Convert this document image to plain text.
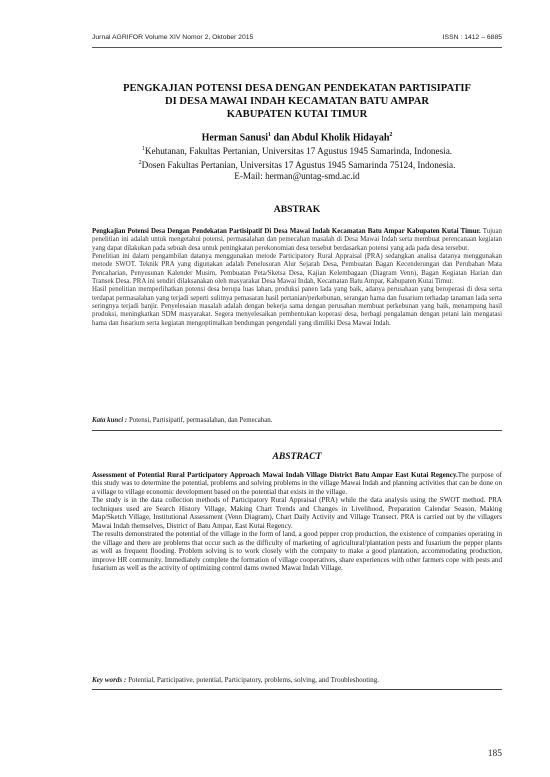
Jurnal AGRIFOR Volume XIV Nomor 2, Oktober 2015	ISSN : 1412 – 6885
PENGKAJIAN POTENSI DESA DENGAN PENDEKATAN PARTISIPATIF
DI DESA MAWAI INDAH KECAMATAN BATU AMPAR
KABUPATEN KUTAI TIMUR
Herman Sanusi$^1$ dan Abdul Kholik Hidayah$^2$
$^1$Kehutanan, Fakultas Pertanian, Universitas 17 Agustus 1945 Samarinda, Indonesia.
$^2$Dosen Fakultas Pertanian, Universitas 17 Agustus 1945 Samarinda 75124, Indonesia.
E-Mail: herman@untag-smd.ac.id
ABSTRAK

Pengkajian Potensi Desa Dengan Pendekatan Partisipatif Di Desa Mawai Indah Kecamatan Batu Ampar Kabupaten Kutai Timur. Tujuan penelitian ini adalah untuk mengetahui potensi, permasalahan dan pemecahan masalah di Desa Mawai Indah serta membuat perencanaan kegiatan yang dapat dilakukan pada sebuah desa untuk peningkatan perekonomian desa tersebut berdasarkan potensi yang ada pada desa tersebut.

Penelitian ini dalam pengambilan datanya menggunakan metode Participatory Rural Appraisal (PRA) sedangkan analisa datanya menggunakan metode SWOT. Teknik PRA yang digunakan adalah Penelusuran Alur Sejarah Desa, Pembuatan Bagan Kecenderungan dan Perubahan Mata Pencaharian, Penyusunan Kalender Musim, Pembuatan Peta/Sketsa Desa, Kajian Kelembagaan (Diagram Venn), Bagan Kegiatan Harian dan Transek Desa. PRA ini sendiri dilaksanakan oleh masyarakat Desa Mawai Indah, Kecamatan Batu Ampar, Kabupaten Kutai Timur.

Hasil penelitian memperlihatkan potensi desa berupa luas lahan, produksi panen lada yang baik, adanya perusahaan yang beroperasi di desa serta terdapat permasalahan yang terjadi seperti sulitnya pemasaran hasil pertanian/perkebunan, serangan hama dan fusarium terhadap tanaman lada serta seringnya terjadi banjir. Penyelesaian masalah adalah dengan bekerja sama dengan perusahan membuat perkebunan yang baik, menampung hasil produksi, meningkatkan SDM masyarakat. Segera menyelesaikan pembentukan koperasi desa, berbagi pengalaman dengan petani lain mengatasi hama dan fusarium serta kegiatan mengoptimalkan bendungan pengendali yang dimiliki Desa Mawai Indah.

Kata kunci : Potensi, Partisipatif, permasalahan, dan Pemecahan.
ABSTRACT

Assessment of Potential Rural Participatory Approach Mawai Indah Village District Batu Ampar East Kutai Regency.The purpose of this study was to determine the potential, problems and solving problems in the village Mawai Indah and planning activities that can be done on a village to village economic development based on the potential that exists in the village.

The study is in the data collection methods of Participatory Rural Appraisal (PRA) while the data analysis using the SWOT method. PRA techniques used are Search History Village, Making Chart Trends and Changes in Livelihood, Preparation Calendar Season, Making Map/Sketch Village, Institutional Assessment (Venn Diagram), Chart Daily Activity and Village Transect. PRA is carried out by the villagers Mawai Indah themselves, District of Batu Ampar, East Kutai Regency.

The results demonstrated the potential of the village in the form of land, a good pepper crop production, the existence of companies operating in the village and there are problems that occur such as the difficulty of marketing of agricultural/plantation pests and fusarium the pepper plants as well as frequent flooding. Problem solving is to work closely with the company to make a good plantation, accommodating production, improve HR community. Immediately complete the formation of village cooperatives, share experiences with other farmers cope with pests and fusarium as well as the activity of optimizing control dams owned Mawai Indah Village.

Key words : Potential, Participative, potential, Participatory, problems, solving, and Troubleshooting.
185
